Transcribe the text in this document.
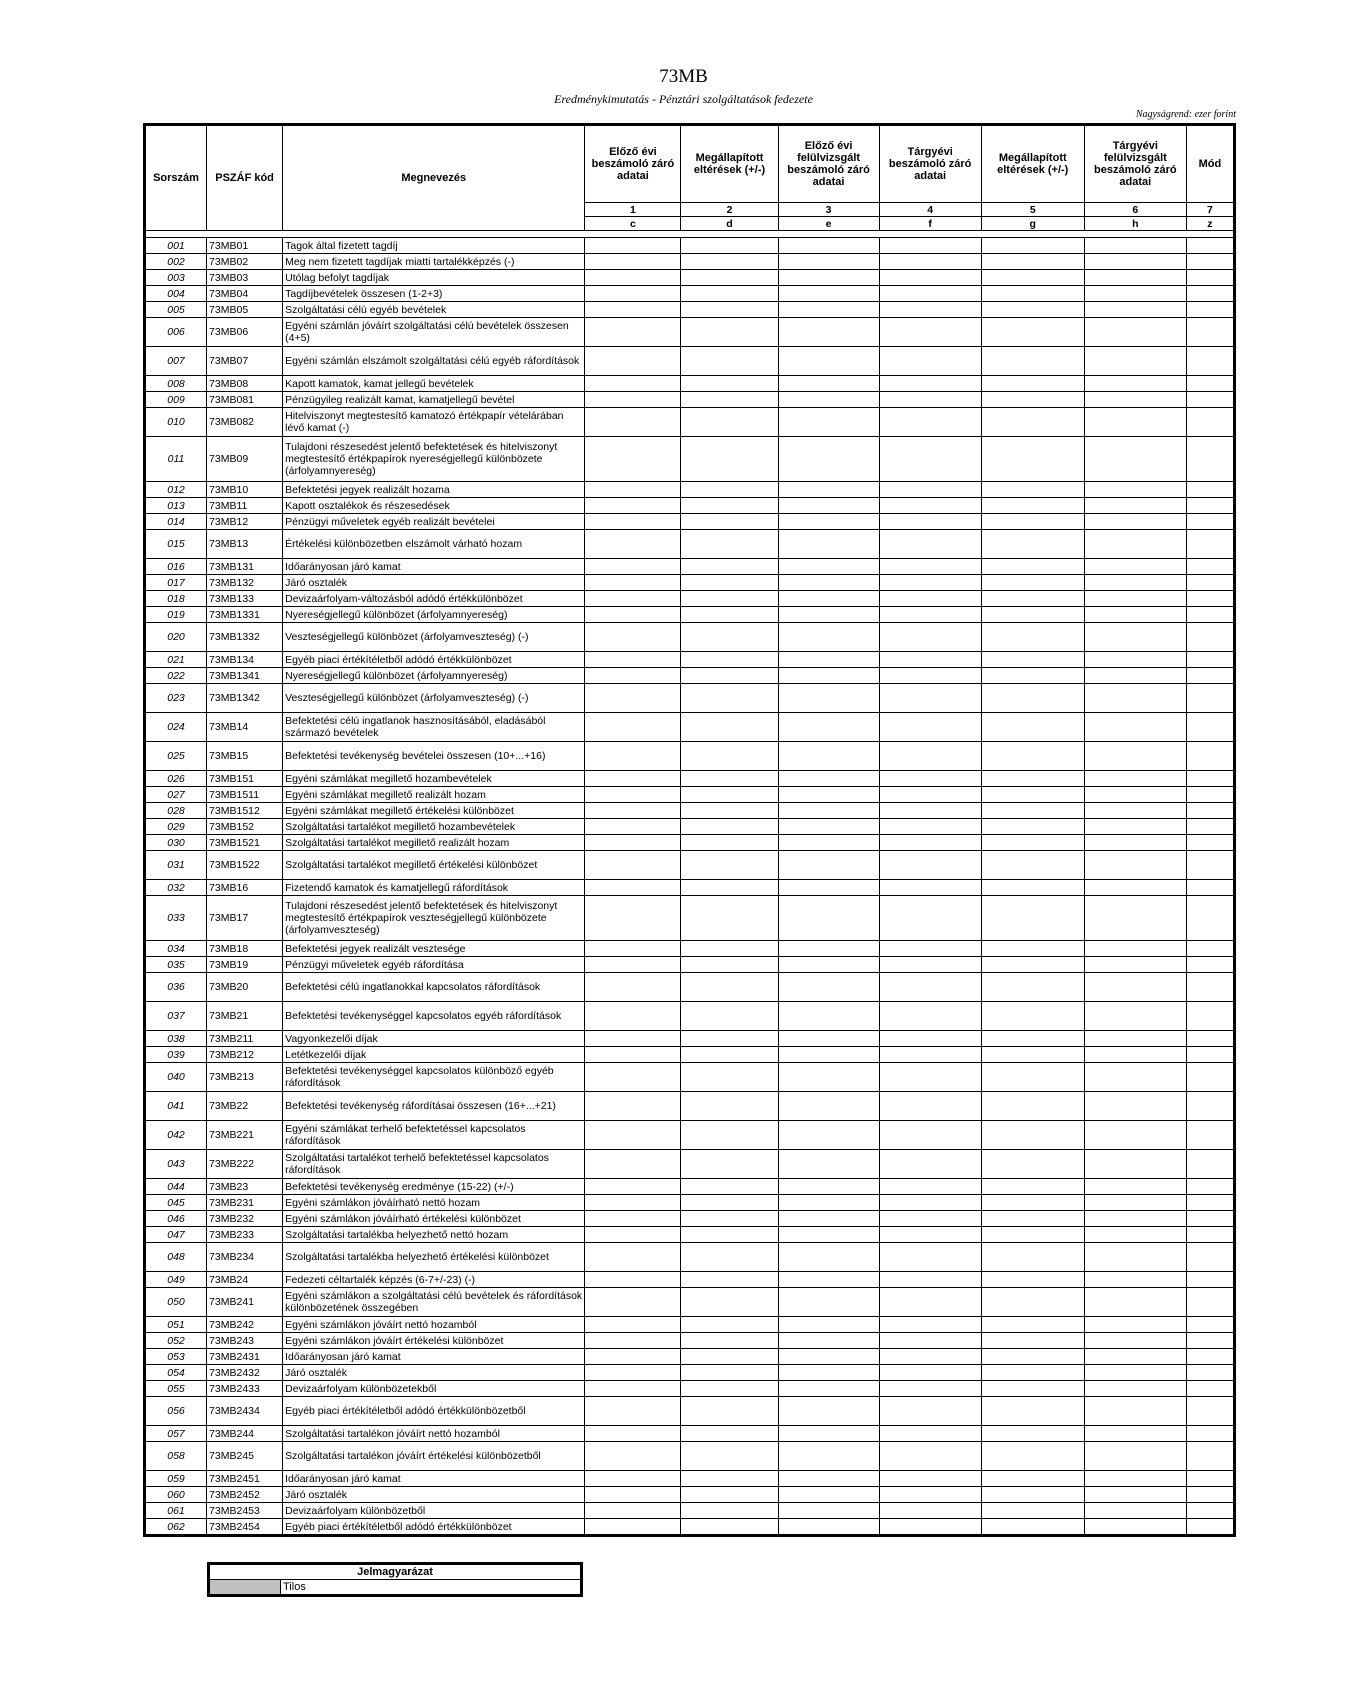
73MB
Eredménykimutatás - Pénztári szolgáltatások fedezete
Nagyságrend: ezer forint
Sorszám	PSZÁF kód	Megnevezés	Előző évi beszámoló záró adatai	Megállapított eltérések (+/-)	Előző évi felülvizsgált beszámoló záró adatai	Tárgyévi beszámoló záró adatai	Megállapított eltérések (+/-)	Tárgyévi felülvizsgált beszámoló záró adatai	Mód
			1	2	3	4	5	6	7
			c	d	e	f	g	h	z

001	73MB01	Tagok által fizetett tagdíj							
002	73MB02	Meg nem fizetett tagdíjak miatti tartalékképzés (-)							
003	73MB03	Utólag befolyt tagdíjak							
004	73MB04	Tagdíjbevételek összesen (1-2+3)							
005	73MB05	Szolgáltatási célú egyéb bevételek							
006	73MB06	Egyéni számlán jóváírt szolgáltatási célú bevételek összesen (4+5)							
007	73MB07	Egyéni számlán elszámolt szolgáltatási célú egyéb ráfordítások							
008	73MB08	Kapott kamatok, kamat jellegű bevételek							
009	73MB081	Pénzügyileg realizált kamat, kamatjellegű bevétel							
010	73MB082	Hitelviszonyt megtestesítő kamatozó értékpapír vételárában lévő kamat (-)							
011	73MB09	Tulajdoni részesedést jelentő befektetések és hitelviszonyt megtestesítő értékpapírok nyereségjellegű különbözete (árfolyamnyereség)							
012	73MB10	Befektetési jegyek realizált hozama							
013	73MB11	Kapott osztalékok és részesedések							
014	73MB12	Pénzügyi műveletek egyéb realizált bevételei							
015	73MB13	Értékelési különbözetben elszámolt várható hozam							
016	73MB131	Időarányosan járó kamat							
017	73MB132	Járó osztalék							
018	73MB133	Devizaárfolyam-változásból adódó értékkülönbözet							
019	73MB1331	Nyereségjellegű különbözet (árfolyamnyereség)							
020	73MB1332	Veszteségjellegű különbözet (árfolyamveszteség) (-)							
021	73MB134	Egyéb piaci értékítéletből adódó értékkülönbözet							
022	73MB1341	Nyereségjellegű különbözet (árfolyamnyereség)							
023	73MB1342	Veszteségjellegű különbözet (árfolyamveszteség) (-)							
024	73MB14	Befektetési célú ingatlanok hasznosításából, eladásából származó bevételek							
025	73MB15	Befektetési tevékenység bevételei összesen (10+...+16)							
026	73MB151	Egyéni számlákat megillető hozambevételek							
027	73MB1511	Egyéni számlákat megillető realizált hozam							
028	73MB1512	Egyéni számlákat megillető értékelési különbözet							
029	73MB152	Szolgáltatási tartalékot megillető hozambevételek							
030	73MB1521	Szolgáltatási tartalékot megillető realizált hozam							
031	73MB1522	Szolgáltatási tartalékot megillető értékelési különbözet							
032	73MB16	Fizetendő kamatok és kamatjellegű ráfordítások							
033	73MB17	Tulajdoni részesedést jelentő befektetések és hitelviszonyt megtestesítő értékpapírok veszteségjellegű különbözete (árfolyamveszteség)							
034	73MB18	Befektetési jegyek realizált vesztesége							
035	73MB19	Pénzügyi műveletek egyéb ráfordítása							
036	73MB20	Befektetési célú ingatlanokkal kapcsolatos ráfordítások							
037	73MB21	Befektetési tevékenységgel kapcsolatos egyéb ráfordítások							
038	73MB211	Vagyonkezelői díjak							
039	73MB212	Letétkezelői díjak							
040	73MB213	Befektetési tevékenységgel kapcsolatos különböző egyéb ráfordítások							
041	73MB22	Befektetési tevékenység ráfordításai összesen (16+...+21)							
042	73MB221	Egyéni számlákat terhelő befektetéssel kapcsolatos ráfordítások							
043	73MB222	Szolgáltatási tartalékot terhelő befektetéssel kapcsolatos ráfordítások							
044	73MB23	Befektetési tevékenység eredménye (15-22) (+/-)							
045	73MB231	Egyéni számlákon jóváírható nettó hozam							
046	73MB232	Egyéni számlákon jóváírható értékelési különbözet							
047	73MB233	Szolgáltatási tartalékba helyezhető nettó hozam							
048	73MB234	Szolgáltatási tartalékba helyezhető értékelési különbözet							
049	73MB24	Fedezeti céltartalék képzés (6-7+/-23) (-)							
050	73MB241	Egyéni számlákon a szolgáltatási célú bevételek és ráfordítások különbözetének összegében							
051	73MB242	Egyéni számlákon jóváírt nettó hozamból							
052	73MB243	Egyéni számlákon jóváírt értékelési különbözet							
053	73MB2431	Időarányosan járó kamat							
054	73MB2432	Járó osztalék							
055	73MB2433	Devizaárfolyam különbözetekből							
056	73MB2434	Egyéb piaci értékítéletből adódó értékkülönbözetből							
057	73MB244	Szolgáltatási tartalékon jóváírt nettó hozamból							
058	73MB245	Szolgáltatási tartalékon jóváírt értékelési különbözetből							
059	73MB2451	Időarányosan járó kamat							
060	73MB2452	Járó osztalék							
061	73MB2453	Devizaárfolyam különbözetből							
062	73MB2454	Egyéb piaci értékítéletből adódó értékkülönbözet							
Jelmagyarázat
	Tilos
